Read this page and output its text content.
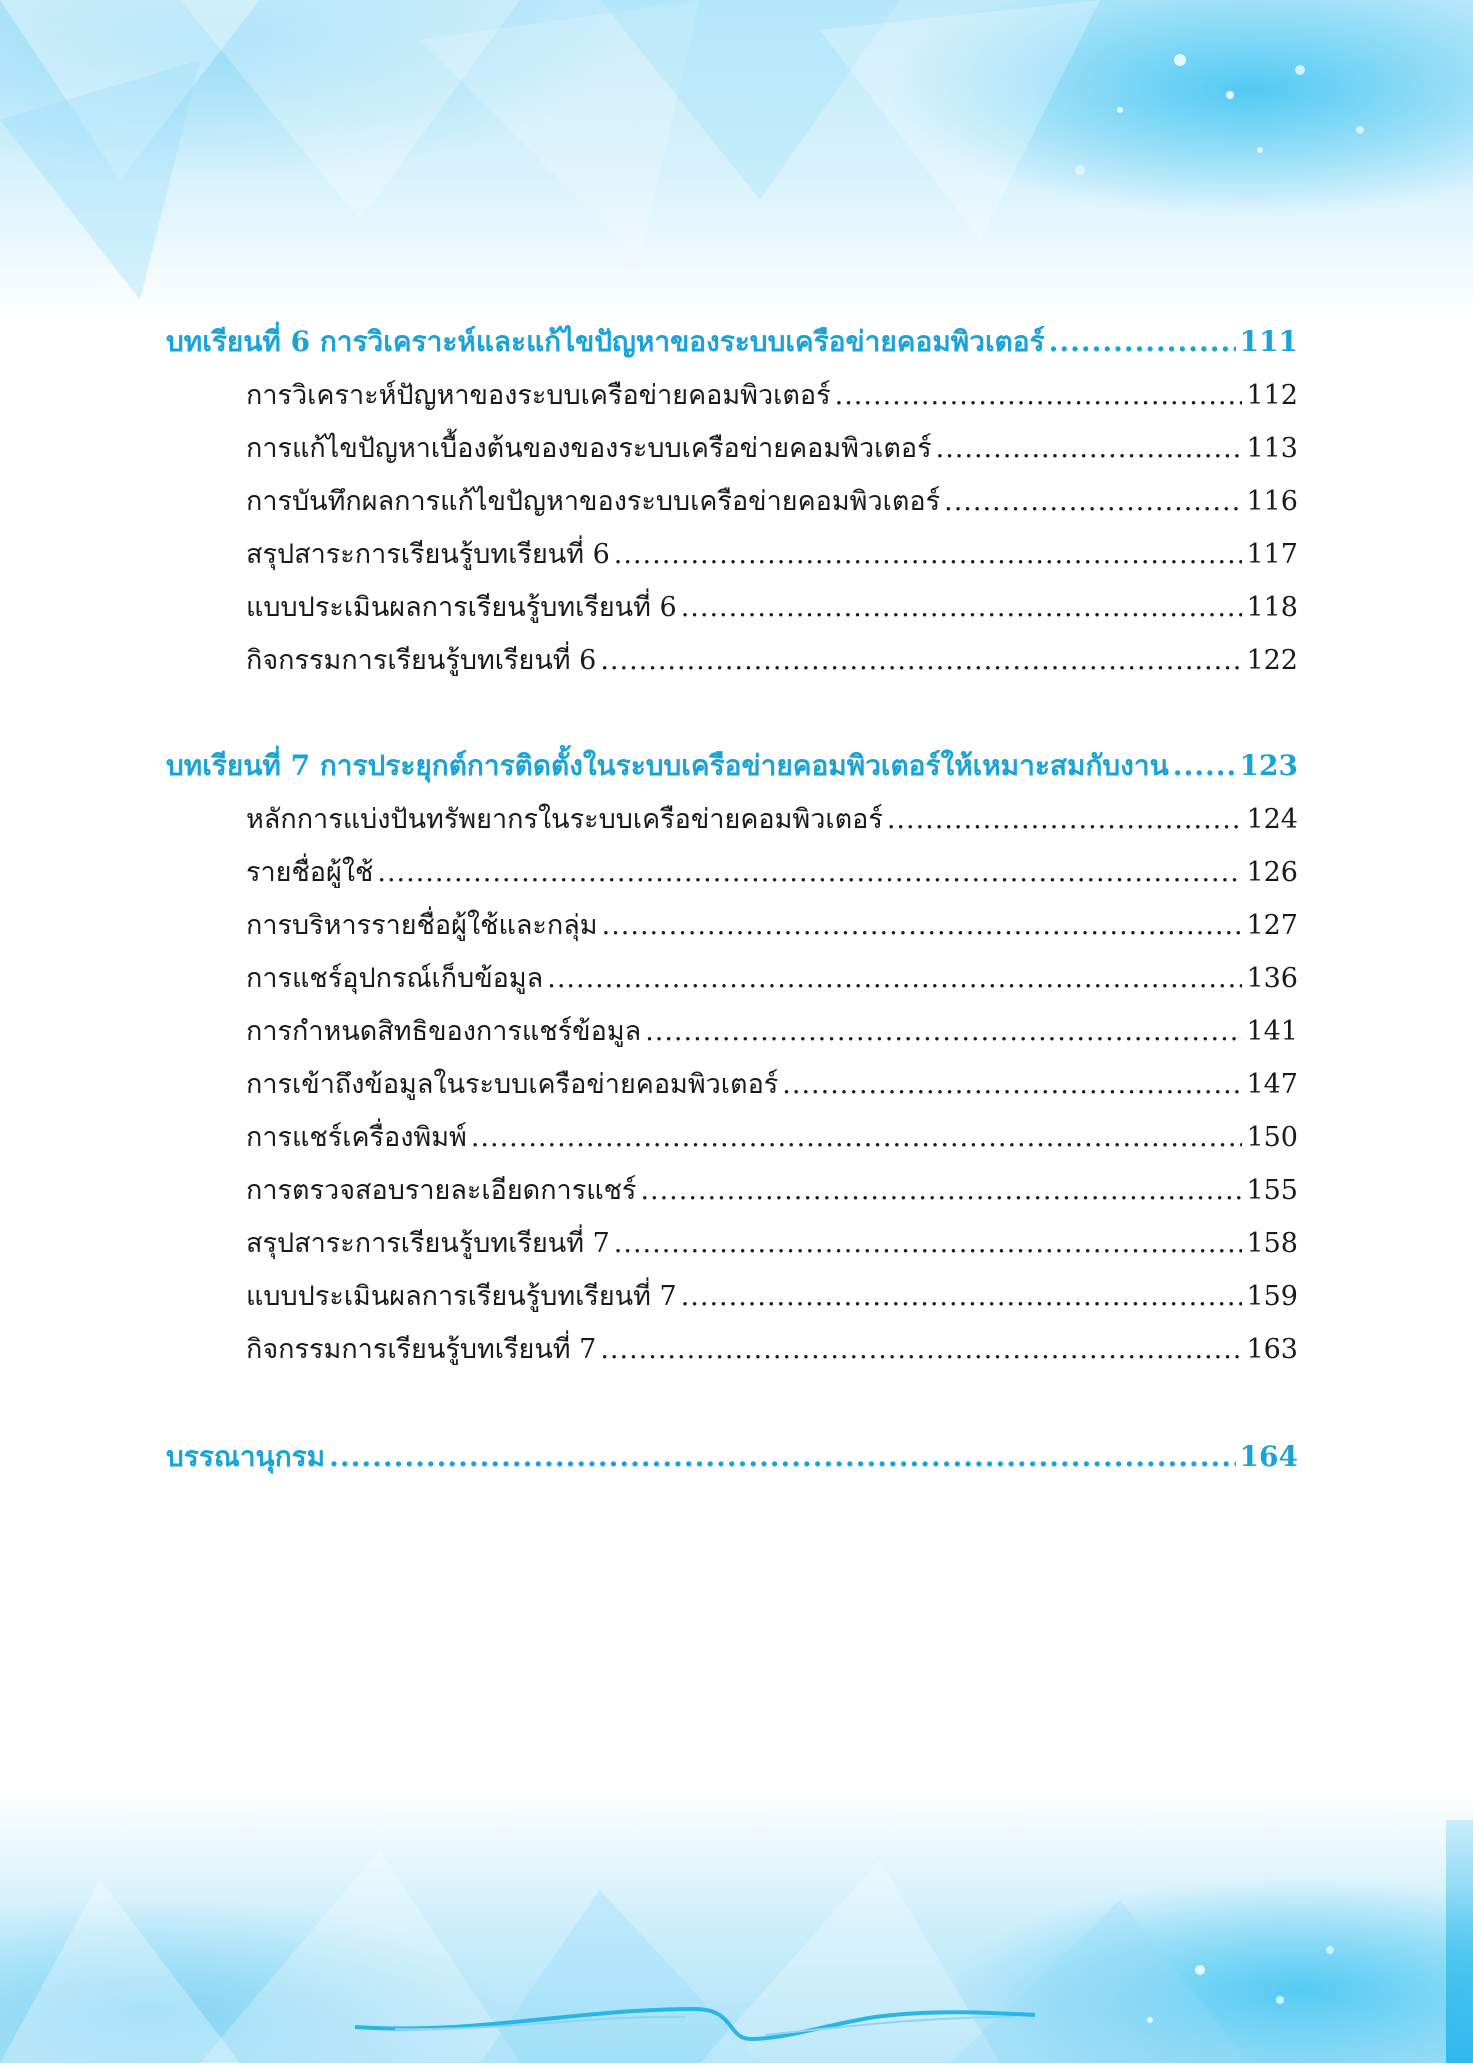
บทเรียนที่ 6 การวิเคราะห์และแก้ไขปัญหาของระบบเครือข่ายคอมพิวเตอร์ .....	111
การวิเคราะห์ปัญหาของระบบเครือข่ายคอมพิวเตอร์ .....	112
การแก้ไขปัญหาเบื้องต้นของของระบบเครือข่ายคอมพิวเตอร์ .....	113
การบันทึกผลการแก้ไขปัญหาของระบบเครือข่ายคอมพิวเตอร์ .....	116
สรุปสาระการเรียนรู้บทเรียนที่ 6 .....	117
แบบประเมินผลการเรียนรู้บทเรียนที่ 6 .....	118
กิจกรรมการเรียนรู้บทเรียนที่ 6 .....	122
บทเรียนที่ 7 การประยุกต์การติดตั้งในระบบเครือข่ายคอมพิวเตอร์ให้เหมาะสมกับงาน .....	123
หลักการแบ่งปันทรัพยากรในระบบเครือข่ายคอมพิวเตอร์ .....	124
รายชื่อผู้ใช้ .....	126
การบริหารรายชื่อผู้ใช้และกลุ่ม .....	127
การแชร์อุปกรณ์เก็บข้อมูล .....	136
การกำหนดสิทธิของการแชร์ข้อมูล .....	141
การเข้าถึงข้อมูลในระบบเครือข่ายคอมพิวเตอร์ .....	147
การแชร์เครื่องพิมพ์ .....	150
การตรวจสอบรายละเอียดการแชร์ .....	155
สรุปสาระการเรียนรู้บทเรียนที่ 7 .....	158
แบบประเมินผลการเรียนรู้บทเรียนที่ 7 .....	159
กิจกรรมการเรียนรู้บทเรียนที่ 7 .....	163
บรรณานุกรม .....	164
